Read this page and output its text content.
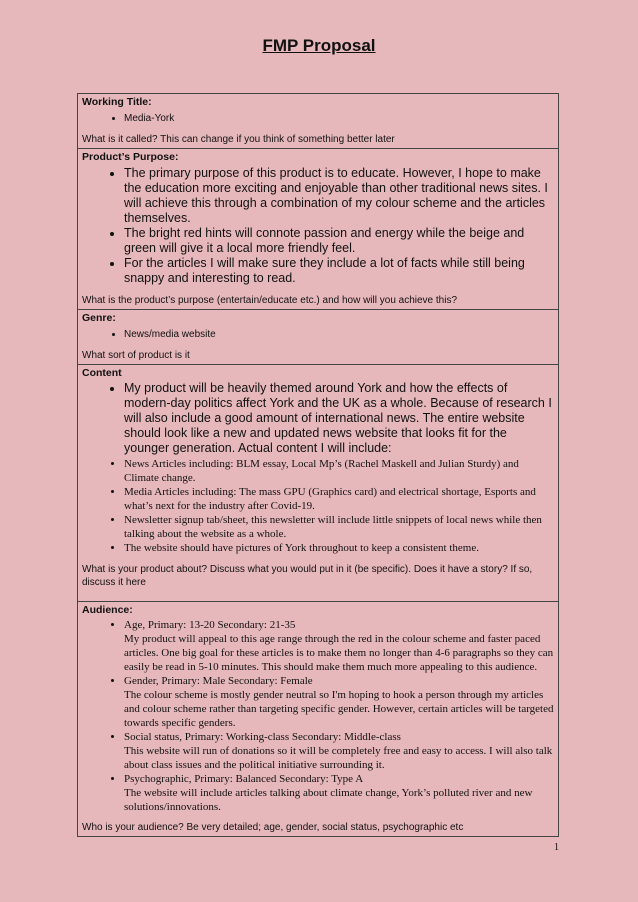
FMP Proposal
Working Title:
• Media-York
What is it called? This can change if you think of something better later
Product’s Purpose:
• The primary purpose of this product is to educate. However, I hope to make the education more exciting and enjoyable than other traditional news sites. I will achieve this through a combination of my colour scheme and the articles themselves.
• The bright red hints will connote passion and energy while the beige and green will give it a local more friendly feel.
• For the articles I will make sure they include a lot of facts while still being snappy and interesting to read.
What is the product’s purpose (entertain/educate etc.) and how will you achieve this?
Genre:
• News/media website
What sort of product is it
Content
• My product will be heavily themed around York and how the effects of modern-day politics affect York and the UK as a whole. Because of research I will also include a good amount of international news. The entire website should look like a new and updated news website that looks fit for the younger generation. Actual content I will include:
• News Articles including: BLM essay, Local Mp’s (Rachel Maskell and Julian Sturdy) and Climate change.
• Media Articles including: The mass GPU (Graphics card) and electrical shortage, Esports and what’s next for the industry after Covid-19.
• Newsletter signup tab/sheet, this newsletter will include little snippets of local news while then talking about the website as a whole.
• The website should have pictures of York throughout to keep a consistent theme.
What is your product about? Discuss what you would put in it (be specific). Does it have a story? If so, discuss it here
Audience:
• Age, Primary: 13-20 Secondary: 21-35
My product will appeal to this age range through the red in the colour scheme and faster paced articles. One big goal for these articles is to make them no longer than 4-6 paragraphs so they can easily be read in 5-10 minutes. This should make them much more appealing to this audience.
• Gender, Primary: Male Secondary: Female
The colour scheme is mostly gender neutral so I'm hoping to hook a person through my articles and colour scheme rather than targeting specific gender. However, certain articles will be targeted towards specific genders.
• Social status, Primary: Working-class Secondary: Middle-class
This website will run of donations so it will be completely free and easy to access. I will also talk about class issues and the political initiative surrounding it.
• Psychographic, Primary: Balanced Secondary: Type A
The website will include articles talking about climate change, York’s polluted river and new solutions/innovations.
Who is your audience? Be very detailed; age, gender, social status, psychographic etc
1
